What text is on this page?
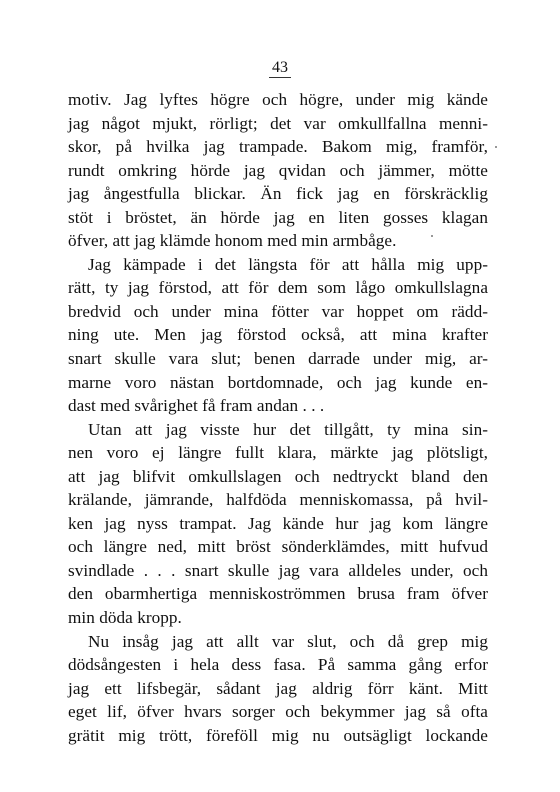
43
motiv. Jag lyftes högre och högre, under mig kände
jag något mjukt, rörligt; det var omkullfallna menni-
skor, på hvilka jag trampade. Bakom mig, framför,
rundt omkring hörde jag qvidan och jämmer, mötte
jag ångestfulla blickar. Än fick jag en förskräcklig
stöt i bröstet, än hörde jag en liten gosses klagan
öfver, att jag klämde honom med min armbåge.
Jag kämpade i det längsta för att hålla mig upp-
rätt, ty jag förstod, att för dem som lågo omkullslagna
bredvid och under mina fötter var hoppet om rädd-
ning ute. Men jag förstod också, att mina krafter
snart skulle vara slut; benen darrade under mig, ar-
marne voro nästan bortdomnade, och jag kunde en-
dast med svårighet få fram andan . . .
Utan att jag visste hur det tillgått, ty mina sin-
nen voro ej längre fullt klara, märkte jag plötsligt,
att jag blifvit omkullslagen och nedtryckt bland den
krälande, jämrande, halfdöda menniskomassa, på hvil-
ken jag nyss trampat. Jag kände hur jag kom längre
och längre ned, mitt bröst sönderklämdes, mitt hufvud
svindlade . . . snart skulle jag vara alldeles under, och
den obarmhertiga menniskoströmmen brusa fram öfver
min döda kropp.
Nu insåg jag att allt var slut, och då grep mig
dödsångesten i hela dess fasa. På samma gång erfor
jag ett lifsbegär, sådant jag aldrig förr känt. Mitt
eget lif, öfver hvars sorger och bekymmer jag så ofta
grätit mig trött, föreföll mig nu outsägligt lockande
